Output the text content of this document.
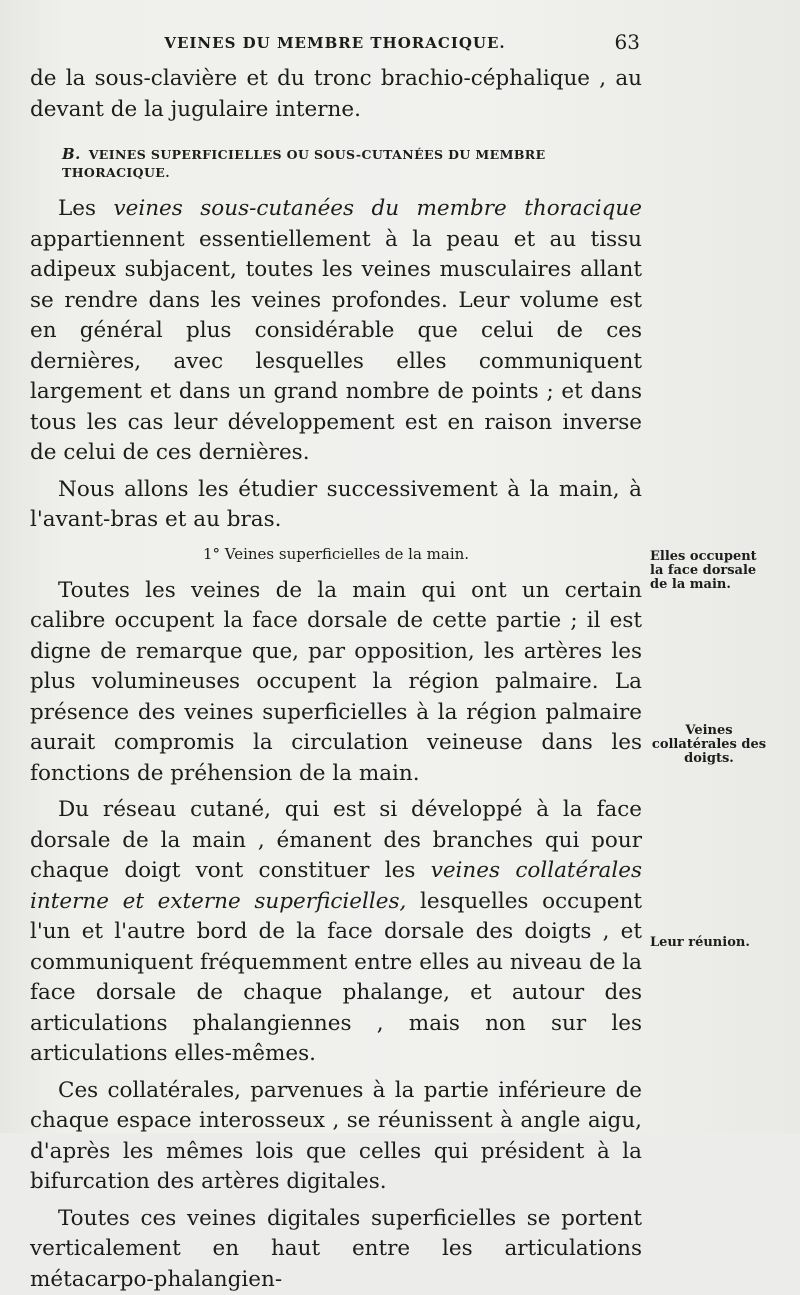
VEINES DU MEMBRE THORACIQUE.	63

de la sous-clavière et du tronc brachio-céphalique , au devant de la jugulaire interne.

B. VEINES SUPERFICIELLES OU SOUS-CUTANÉES DU MEMBRE THORACIQUE.

Les veines sous-cutanées du membre thoracique appartiennent essentiellement à la peau et au tissu adipeux subjacent, toutes les veines musculaires allant se rendre dans les veines profondes. Leur volume est en général plus considérable que celui de ces dernières, avec lesquelles elles communiquent largement et dans un grand nombre de points ; et dans tous les cas leur développement est en raison inverse de celui de ces dernières.

Nous allons les étudier successivement à la main, à l'avant-bras et au bras.

1° Veines superficielles de la main.

Toutes les veines de la main qui ont un certain calibre occupent la face dorsale de cette partie ; il est digne de remarque que, par opposition, les artères les plus volumineuses occupent la région palmaire. La présence des veines superficielles à la région palmaire aurait compromis la circulation veineuse dans les fonctions de préhension de la main.

Du réseau cutané, qui est si développé à la face dorsale de la main , émanent des branches qui pour chaque doigt vont constituer les veines collatérales interne et externe superficielles, lesquelles occupent l'un et l'autre bord de la face dorsale des doigts , et communiquent fréquemment entre elles au niveau de la face dorsale de chaque phalange, et autour des articulations phalangiennes , mais non sur les articulations elles-mêmes.

Ces collatérales, parvenues à la partie inférieure de chaque espace interosseux , se réunissent à angle aigu, d'après les mêmes lois que celles qui président à la bifurcation des artères digitales.

Toutes ces veines digitales superficielles se portent verticalement en haut entre les articulations métacarpo-phalangien-

Elles occupent la face dorsale de la main.
Veines collatérales des doigts.
Leur réunion.
